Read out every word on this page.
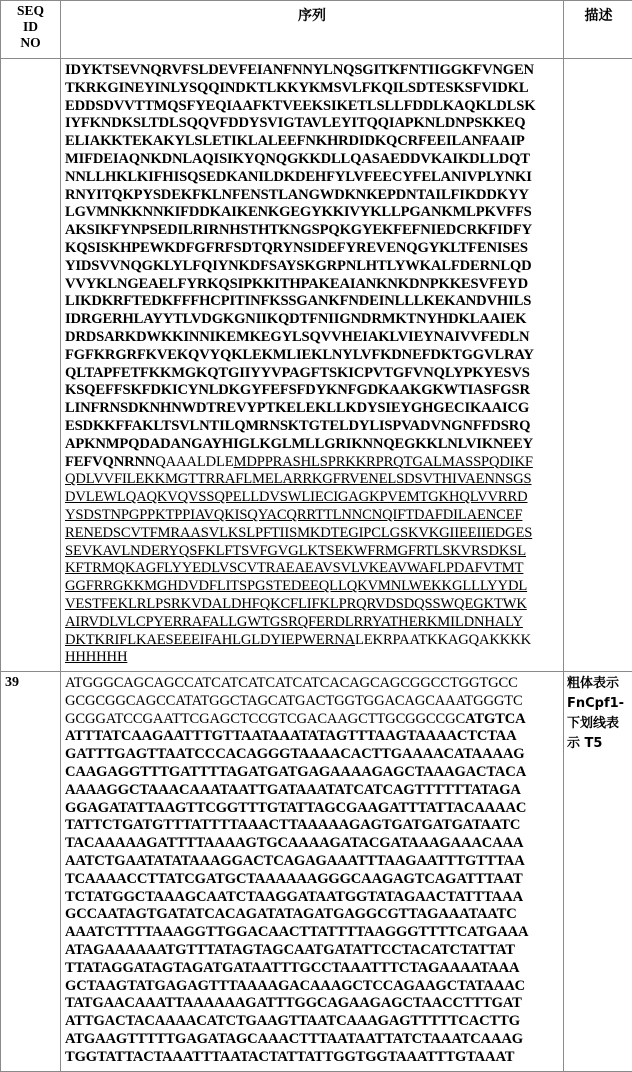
SEQ
ID
NO
	序列	描述

IDYKTSEVNQRVFSLDEVFEIANFNNYLNQSGITKFNTIIGGKFVNGEN
TKRKGINEYINLYSQQINDKTLKKYKMSVLFKQILSDTESKSFVIDKL
EDDSDVVTTMQSFYEQIAAFKTVEEKSIKETLSLLFDDLKAQKLDLSK
IYFKNDKSLTDLSQQVFDDYSVIGTAVLEYITQQIAPKNLDNPSKKEQ
ELIAKKTEKAKYLSLETIKLALEEFNKHRDIDKQCRFEEILANFAAIP
MIFDEIAQNKDNLAQISIKYQNQGKKDLLQASAEDDVKAIKDLLDQT
NNLLHKLKIFHISQSEDKANILDKDEHFYLVFEECYFELANIVPLYNKI
RNYITQKPYSDEKFKLNFENSTLANGWDKNKEPDNTAILFIKDDKYY
LGVMNKKNNKIFDDKAIKENKGEGYKKIVYKLLPGANKMLPKVFFS
AKSIKFYNPSEDILRIRNHSTHTKNGSPQKGYEKFEFNIEDCRKFIDFY
KQSISKHPEWKDFGFRFSDTQRYNSIDEFYREVENQGYKLTFENISES
YIDSVVNQGKLYLFQIYNKDFSAYSKGRPNLHTLYWKALFDERNLQD
VVYKLNGEAELFYRKQSIPKKITHPAKEAIANKNKDNPKKESVFEYD
LIKDKRFTEDKFFFHCPITINFKSSGANKFNDEINLLLKEKANDVHILS
IDRGERHLAYYTLVDGKGNIIKQDTFNIIGNDRMKTNYHDKLAAIEK
DRDSARKDWKKINNIKEMKEGYLSQVVHEIAKLVIEYNAIVVFEDLN
FGFKRGRFKVEKQVYQKLEKMLIEKLNYLVFKDNEFDKTGGVLRAY
QLTAPFETFKKMGKQTGIIYYVPAGFTSKICPVTGFVNQLYPKYESVS
KSQEFFSKFDKICYNLDKGYFEFSFDYKNFGDKAAKGKWTIASFGSR
LINFRNSDKNHNWDTREVYPTKELEKLLKDYSIEYGHGECIKAAICG
ESDKKFFAKLTSVLNTILQMRNSKTGTELDYLISPVADVNGNFFDSRQ
APKNMPQDADANGAYHIGLKGLMLLGRIKNNQEGKKLNLVIKNEEY
FEFVQNRNNQAAALDLEMDPPRASHLSPRKKRPRQTGALMASSPQDIKF
QDLVVFILEKKMGTTRRAFLMELARRKGFRVENELSDSVTHIVAENNSGS
DVLEWLQAQKVQVSSQPELLDVSWLIECIGAGKPVEMTGKHQLVVRRD
YSDSTNPGPPKTPPIAVQKISQYACQRRTTLNNCNQIFTDAFDILAENCEF
RENEDSCVTFMRAASVLKSLPFTIISMKDTEGIPCLGSKVKGIIEEIIEDGES
SEVKAVLNDERYQSFKLFTSVFGVGLKTSEKWFRMGFRTLSKVRSDKSL
KFTRMQKAGFLYYEDLVSCVTRAEAEAVSVLVKEAVWAFLPDAFVTMT
GGFRRGKKMGHDVDFLITSPGSTEDEEQLLQKVMNLWEKKGLLLYYDL
VESTFEKLRLPSRKVDALDHFQKCFLIFKLPRQRVDSDQSSWQEGKTWK
AIRVDLVLCPYERRAFALLGWTGSRQFERDLRRYATHERKMILDNHALY
DKTKRIFLKAESEEEIFAHLGLDYIEPWERNALEKRPAATKKAGQAKKKK
HHHHHH

39	ATGGGCAGCAGCCATCATCATCATCATCACAGCAGCGGCCTGGTGCC
GCGCGGCAGCCATATGGCTAGCATGACTGGTGGACAGCAAATGGGTC
GCGGATCCGAATTCGAGCTCCGTCGACAAGCTTGCGGCCGCATGTCA
ATTTATCAAGAATTTGTTAATAAATATAGTTTAAGTAAAACTCTAA
GATTTGAGTTAATCCCACAGGGTAAAACACTTGAAAACATAAAAG
CAAGAGGTTTGATTTTAGATGATGAGAAAAGAGCTAAAGACTACA
AAAAGGCTAAACAAATAATTGATAAATATCATCAGTTTTTTATAGA
GGAGATATTAAGTTCGGTTTGTATTAGCGAAGATTTATTACAAAAC
TATTCTGATGTTTATTTTAAACTTAAAAAGAGTGATGATGATAATC
TACAAAAAGATTTTAAAAGTGCAAAAGATACGATAAAGAAACAAA
AATCTGAATATATAAAGGACTCAGAGAAATTTAAGAATTTGTTTAA
TCAAAACCTTATCGATGCTAAAAAAGGGCAAGAGTCAGATTTAAT
TCTATGGCTAAAGCAATCTAAGGATAATGGTATAGAACTATTTAAA
GCCAATAGTGATATCACAGATATAGATGAGGCGTTAGAAATAATC
AAATCTTTTAAAGGTTGGACAACTTATTTTAAGGGTTTTCATGAAA
ATAGAAAAAATGTTTATAGTAGCAATGATATTCCTACATCTATTAT
TTATAGGATAGTAGATGATAATTTGCCTAAATTTCTAGAAAATAAA
GCTAAGTATGAGAGTTTAAAAGACAAAGCTCCAGAAGCTATAAAC
TATGAACAAATTAAAAAAGATTTGGCAGAAGAGCTAACCTTTGAT
ATTGACTACAAAACATCTGAAGTTAATCAAAGAGTTTTTCACTTG
ATGAAGTTTTTGAGATAGCAAACTTTAATAATTATCTAAATCAAAG
TGGTATTACTAAATTTAATACTATTATTGGTGGTAAATTTGTAAAT

粗体表示
FnCpf1-
下划线表
示 T5
